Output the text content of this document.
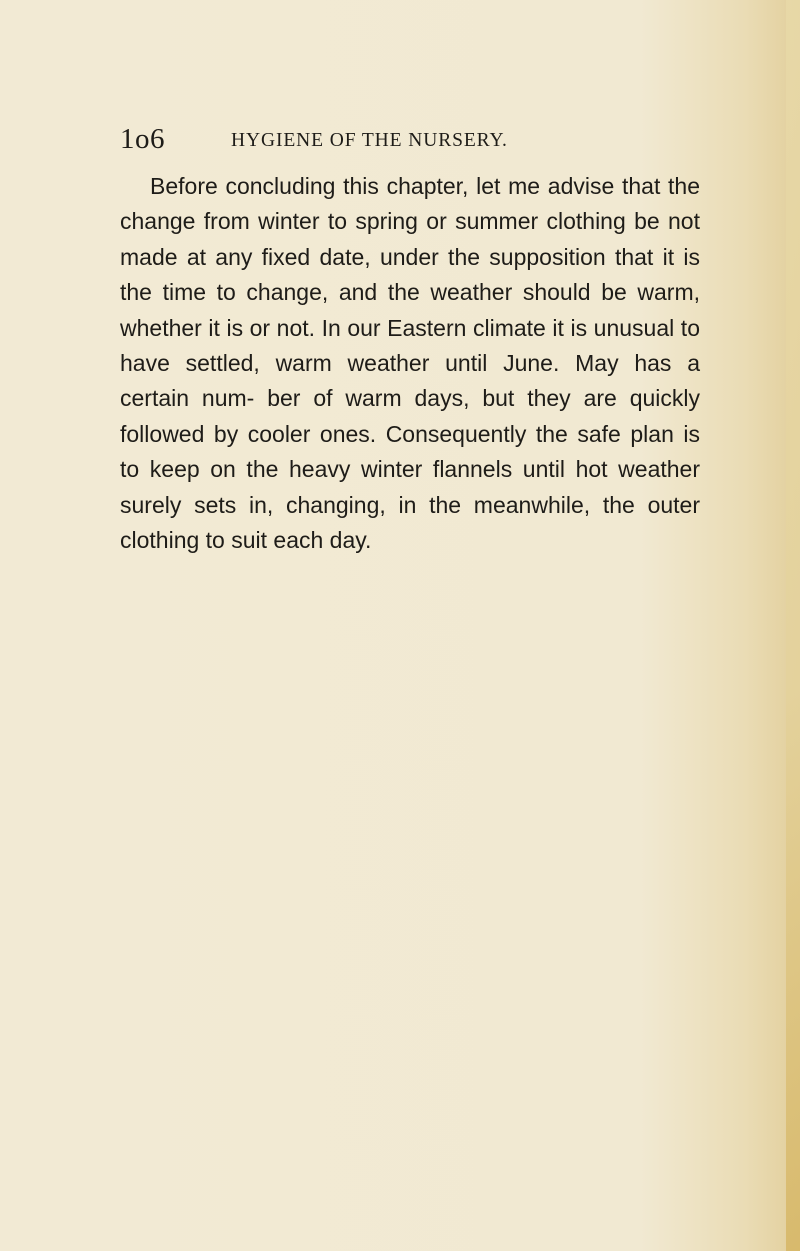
1o6	HYGIENE OF THE NURSERY.

Before concluding this chapter, let me advise that the change from winter to spring or summer clothing be not made at any fixed date, under the supposition that it is the time to change, and the weather should be warm, whether it is or not. In our Eastern climate it is unusual to have settled, warm weather until June. May has a certain num- ber of warm days, but they are quickly followed by cooler ones. Consequently the safe plan is to keep on the heavy winter flannels until hot weather surely sets in, changing, in the meanwhile, the outer clothing to suit each day.
